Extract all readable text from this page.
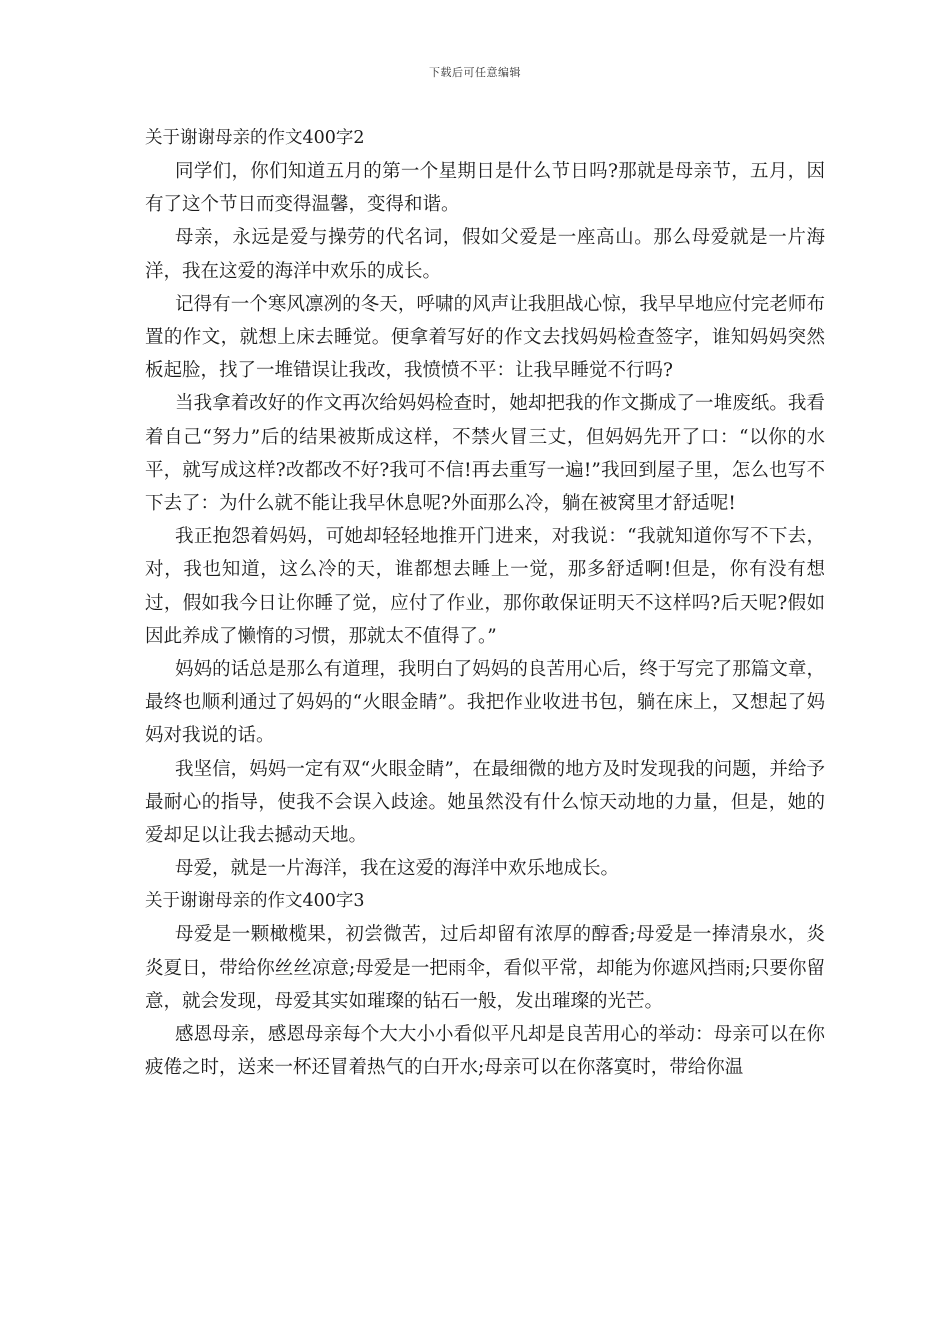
下载后可任意编辑

关于谢谢母亲的作文400字2

同学们，你们知道五月的第一个星期日是什么节日吗?那就是母亲节，五月，因有了这个节日而变得温馨，变得和谐。

母亲，永远是爱与操劳的代名词，假如父爱是一座高山。那么母爱就是一片海洋，我在这爱的海洋中欢乐的成长。

记得有一个寒风凛冽的冬天，呼啸的风声让我胆战心惊，我早早地应付完老师布置的作文，就想上床去睡觉。便拿着写好的作文去找妈妈检查签字，谁知妈妈突然板起脸，找了一堆错误让我改，我愤愤不平：让我早睡觉不行吗?

当我拿着改好的作文再次给妈妈检查时，她却把我的作文撕成了一堆废纸。我看着自己“努力”后的结果被斯成这样，不禁火冒三丈，但妈妈先开了口：“以你的水平，就写成这样?改都改不好?我可不信!再去重写一遍!”我回到屋子里，怎么也写不下去了：为什么就不能让我早休息呢?外面那么冷，躺在被窝里才舒适呢!

我正抱怨着妈妈，可她却轻轻地推开门进来，对我说：“我就知道你写不下去，对，我也知道，这么冷的天，谁都想去睡上一觉，那多舒适啊!但是，你有没有想过，假如我今日让你睡了觉，应付了作业，那你敢保证明天不这样吗?后天呢?假如因此养成了懒惰的习惯，那就太不值得了。”

妈妈的话总是那么有道理，我明白了妈妈的良苦用心后，终于写完了那篇文章，最终也顺利通过了妈妈的“火眼金睛”。我把作业收进书包，躺在床上，又想起了妈妈对我说的话。

我坚信，妈妈一定有双“火眼金睛”，在最细微的地方及时发现我的问题，并给予最耐心的指导，使我不会误入歧途。她虽然没有什么惊天动地的力量，但是，她的爱却足以让我去撼动天地。

母爱，就是一片海洋，我在这爱的海洋中欢乐地成长。

关于谢谢母亲的作文400字3

母爱是一颗橄榄果，初尝微苦，过后却留有浓厚的醇香;母爱是一捧清泉水，炎炎夏日，带给你丝丝凉意;母爱是一把雨伞，看似平常，却能为你遮风挡雨;只要你留意，就会发现，母爱其实如璀璨的钻石一般，发出璀璨的光芒。

感恩母亲，感恩母亲每个大大小小看似平凡却是良苦用心的举动：母亲可以在你疲倦之时，送来一杯还冒着热气的白开水;母亲可以在你落寞时，带给你温
